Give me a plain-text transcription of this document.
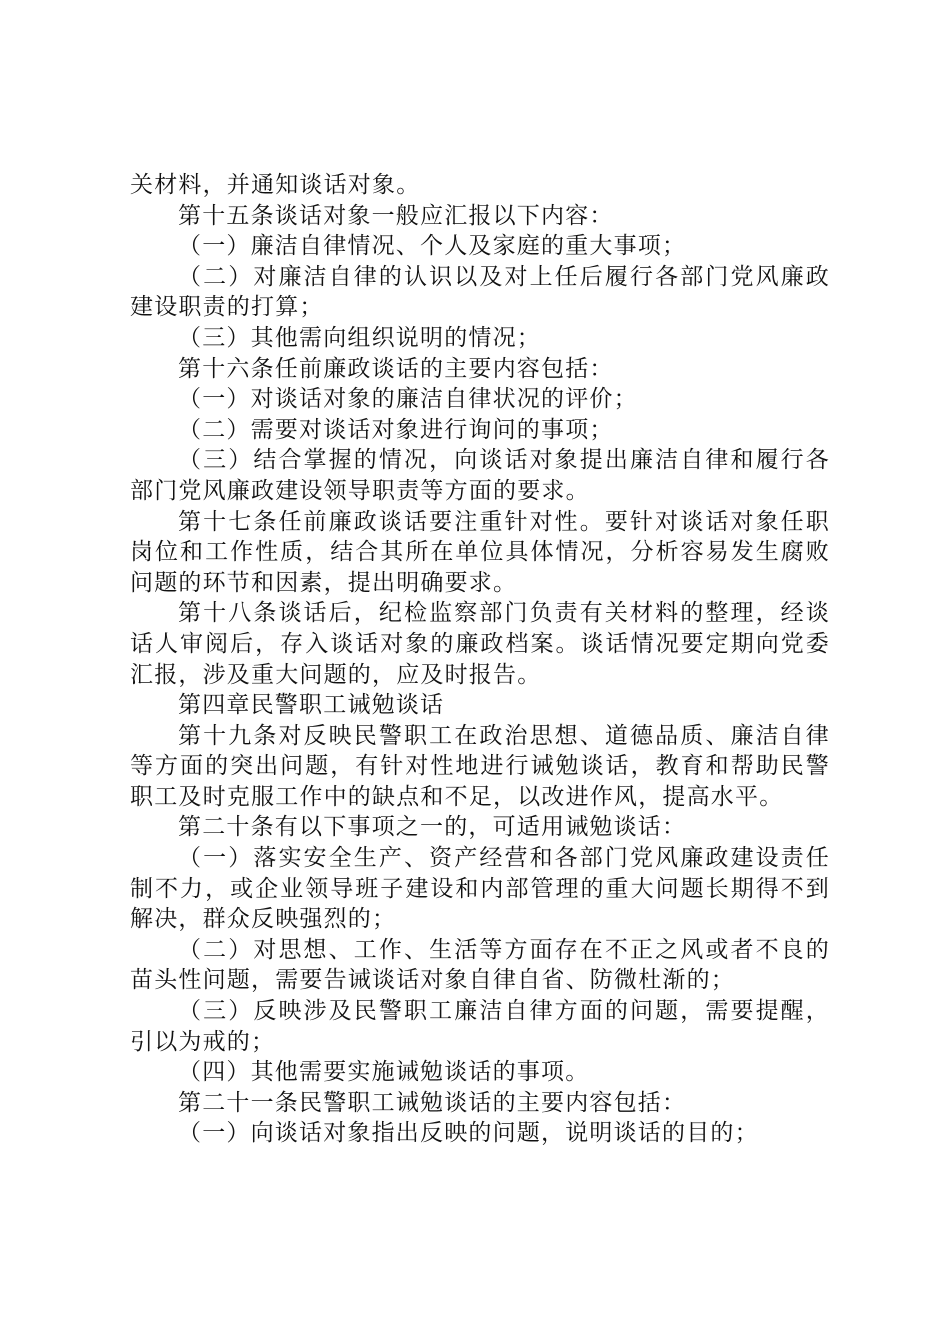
关材料，并通知谈话对象。

第十五条谈话对象一般应汇报以下内容：

（一）廉洁自律情况、个人及家庭的重大事项；

（二）对廉洁自律的认识以及对上任后履行各部门党风廉政建设职责的打算；

（三）其他需向组织说明的情况；

第十六条任前廉政谈话的主要内容包括：

（一）对谈话对象的廉洁自律状况的评价；

（二）需要对谈话对象进行询问的事项；

（三）结合掌握的情况，向谈话对象提出廉洁自律和履行各部门党风廉政建设领导职责等方面的要求。

第十七条任前廉政谈话要注重针对性。要针对谈话对象任职岗位和工作性质，结合其所在单位具体情况，分析容易发生腐败问题的环节和因素，提出明确要求。

第十八条谈话后，纪检监察部门负责有关材料的整理，经谈话人审阅后，存入谈话对象的廉政档案。谈话情况要定期向党委汇报，涉及重大问题的，应及时报告。

第四章民警职工诫勉谈话

第十九条对反映民警职工在政治思想、道德品质、廉洁自律等方面的突出问题，有针对性地进行诫勉谈话，教育和帮助民警职工及时克服工作中的缺点和不足，以改进作风，提高水平。

第二十条有以下事项之一的，可适用诫勉谈话：

（一）落实安全生产、资产经营和各部门党风廉政建设责任制不力，或企业领导班子建设和内部管理的重大问题长期得不到解决，群众反映强烈的；

（二）对思想、工作、生活等方面存在不正之风或者不良的苗头性问题，需要告诫谈话对象自律自省、防微杜渐的；

（三）反映涉及民警职工廉洁自律方面的问题，需要提醒，引以为戒的；

（四）其他需要实施诫勉谈话的事项。

第二十一条民警职工诫勉谈话的主要内容包括：

（一）向谈话对象指出反映的问题，说明谈话的目的；
